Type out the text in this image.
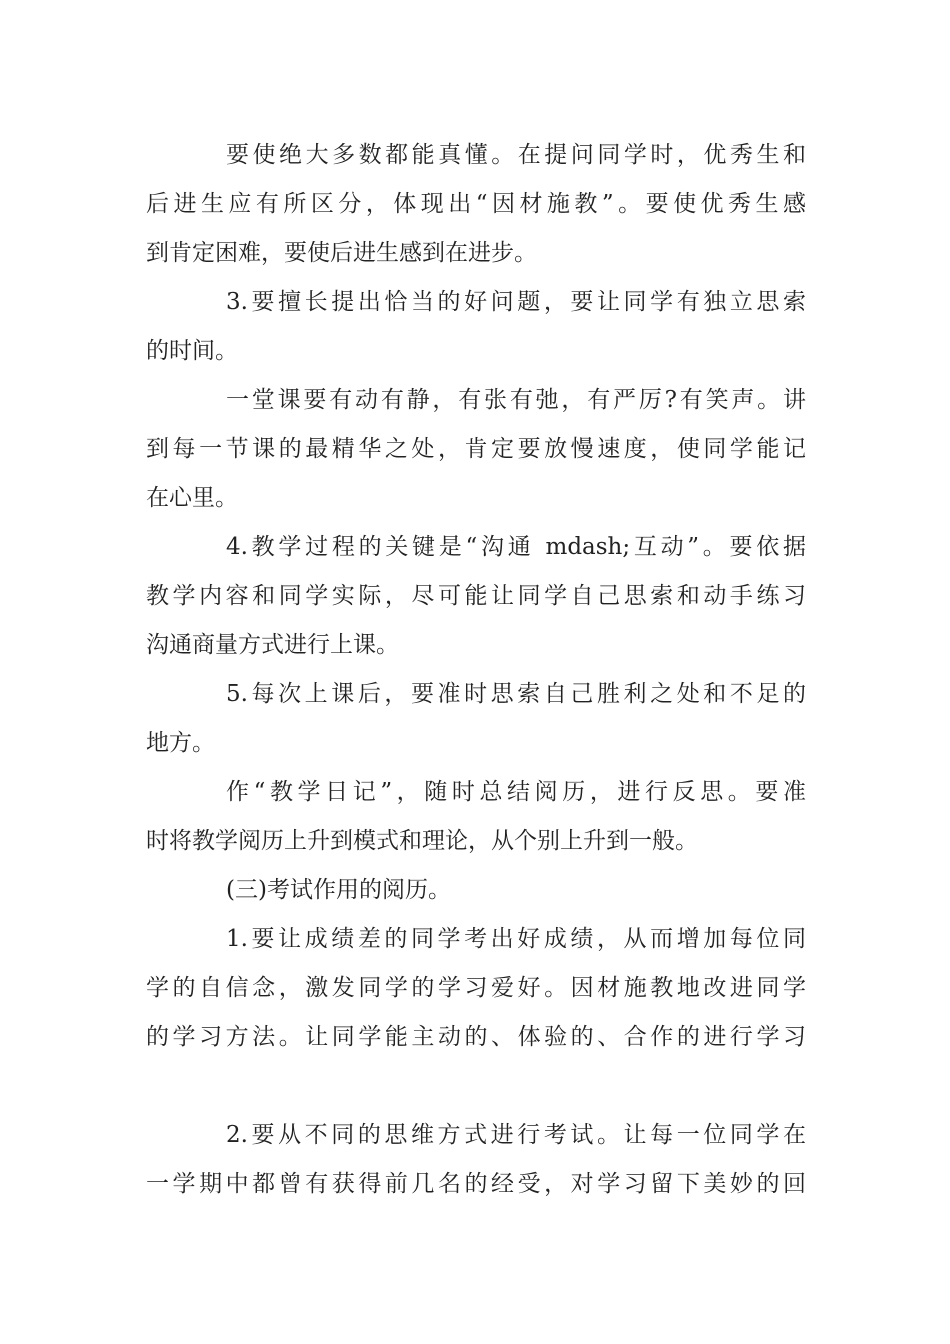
要使绝大多数都能真懂。在提问同学时，优秀生和
后进生应有所区分，体现出“因材施教”。要使优秀生感
到肯定困难，要使后进生感到在进步。
3.要擅长提出恰当的好问题，要让同学有独立思索
的时间。
一堂课要有动有静，有张有弛，有严厉?有笑声。讲
到每一节课的最精华之处，肯定要放慢速度，使同学能记
在心里。
4.教学过程的关键是“沟通 mdash;互动”。要依据
教学内容和同学实际，尽可能让同学自己思索和动手练习
沟通商量方式进行上课。
5.每次上课后，要准时思索自己胜利之处和不足的
地方。
作“教学日记”，随时总结阅历，进行反思。要准
时将教学阅历上升到模式和理论，从个别上升到一般。
(三)考试作用的阅历。
1.要让成绩差的同学考出好成绩，从而增加每位同
学的自信念，激发同学的学习爱好。因材施教地改进同学
的学习方法。让同学能主动的、体验的、合作的进行学习
2.要从不同的思维方式进行考试。让每一位同学在
一学期中都曾有获得前几名的经受，对学习留下美妙的回
